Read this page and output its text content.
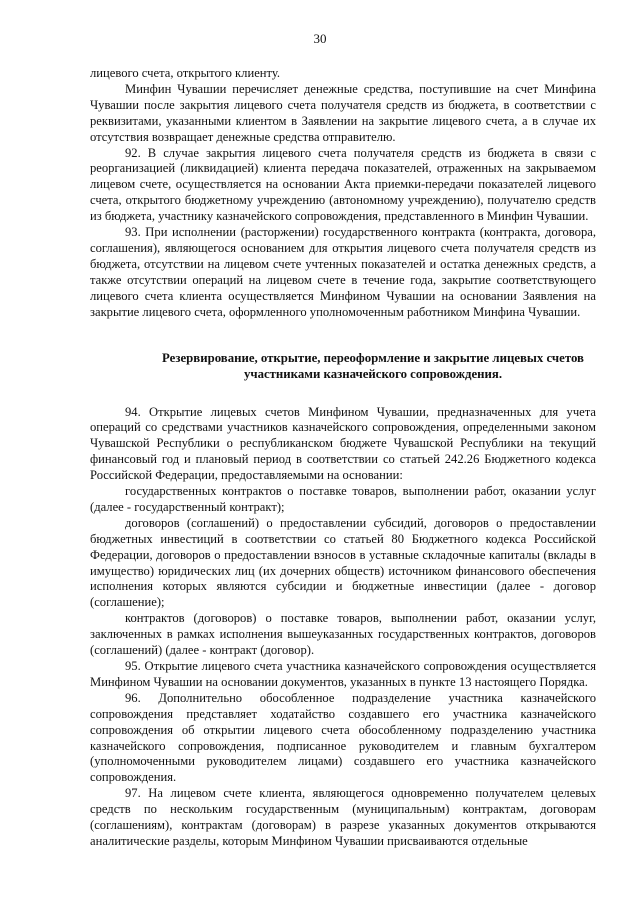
30

лицевого счета, открытого клиенту.

Минфин Чувашии перечисляет денежные средства, поступившие на счет Минфина Чувашии после закрытия лицевого счета получателя средств из бюджета, в соответствии с реквизитами, указанными клиентом в Заявлении на закрытие лицевого счета, а в случае их отсутствия возвращает денежные средства отправителю.

92. В случае закрытия лицевого счета получателя средств из бюджета в связи с реорганизацией (ликвидацией) клиента передача показателей, отраженных на закрываемом лицевом счете, осуществляется на основании Акта приемки-передачи показателей лицевого счета, открытого бюджетному учреждению (автономному учреждению), получателю средств из бюджета, участнику казначейского сопровождения, представленного в Минфин Чувашии.

93. При исполнении (расторжении) государственного контракта (контракта, договора, соглашения), являющегося основанием для открытия лицевого счета получателя средств из бюджета, отсутствии на лицевом счете учтенных показателей и остатка денежных средств, а также отсутствии операций на лицевом счете в течение года, закрытие соответствующего лицевого счета клиента осуществляется Минфином Чувашии на основании Заявления на закрытие лицевого счета, оформленного уполномоченным работником Минфина Чувашии.

Резервирование, открытие, переоформление и закрытие лицевых счетов
участниками казначейского сопровождения.

94. Открытие лицевых счетов Минфином Чувашии, предназначенных для учета операций со средствами участников казначейского сопровождения, определенными законом Чувашской Республики о республиканском бюджете Чувашской Республики на текущий финансовый год и плановый период в соответствии со статьей 242.26 Бюджетного кодекса Российской Федерации, предоставляемыми на основании:

государственных контрактов о поставке товаров, выполнении работ, оказании услуг (далее - государственный контракт);

договоров (соглашений) о предоставлении субсидий, договоров о предоставлении бюджетных инвестиций в соответствии со статьей 80 Бюджетного кодекса Российской Федерации, договоров о предоставлении взносов в уставные складочные капиталы (вклады в имущество) юридических лиц (их дочерних обществ) источником финансового обеспечения исполнения которых являются субсидии и бюджетные инвестиции (далее - договор (соглашение);

контрактов (договоров) о поставке товаров, выполнении работ, оказании услуг, заключенных в рамках исполнения вышеуказанных государственных контрактов, договоров (соглашений) (далее - контракт (договор).

95. Открытие лицевого счета участника казначейского сопровождения осуществляется Минфином Чувашии на основании документов, указанных в пункте 13 настоящего Порядка.

96. Дополнительно обособленное подразделение участника казначейского сопровождения представляет ходатайство создавшего его участника казначейского сопровождения об открытии лицевого счета обособленному подразделению участника казначейского сопровождения, подписанное руководителем и главным бухгалтером (уполномоченными руководителем лицами) создавшего его участника казначейского сопровождения.

97. На лицевом счете клиента, являющегося одновременно получателем целевых средств по нескольким государственным (муниципальным) контрактам, договорам (соглашениям), контрактам (договорам) в разрезе указанных документов открываются аналитические разделы, которым Минфином Чувашии присваиваются отдельные
